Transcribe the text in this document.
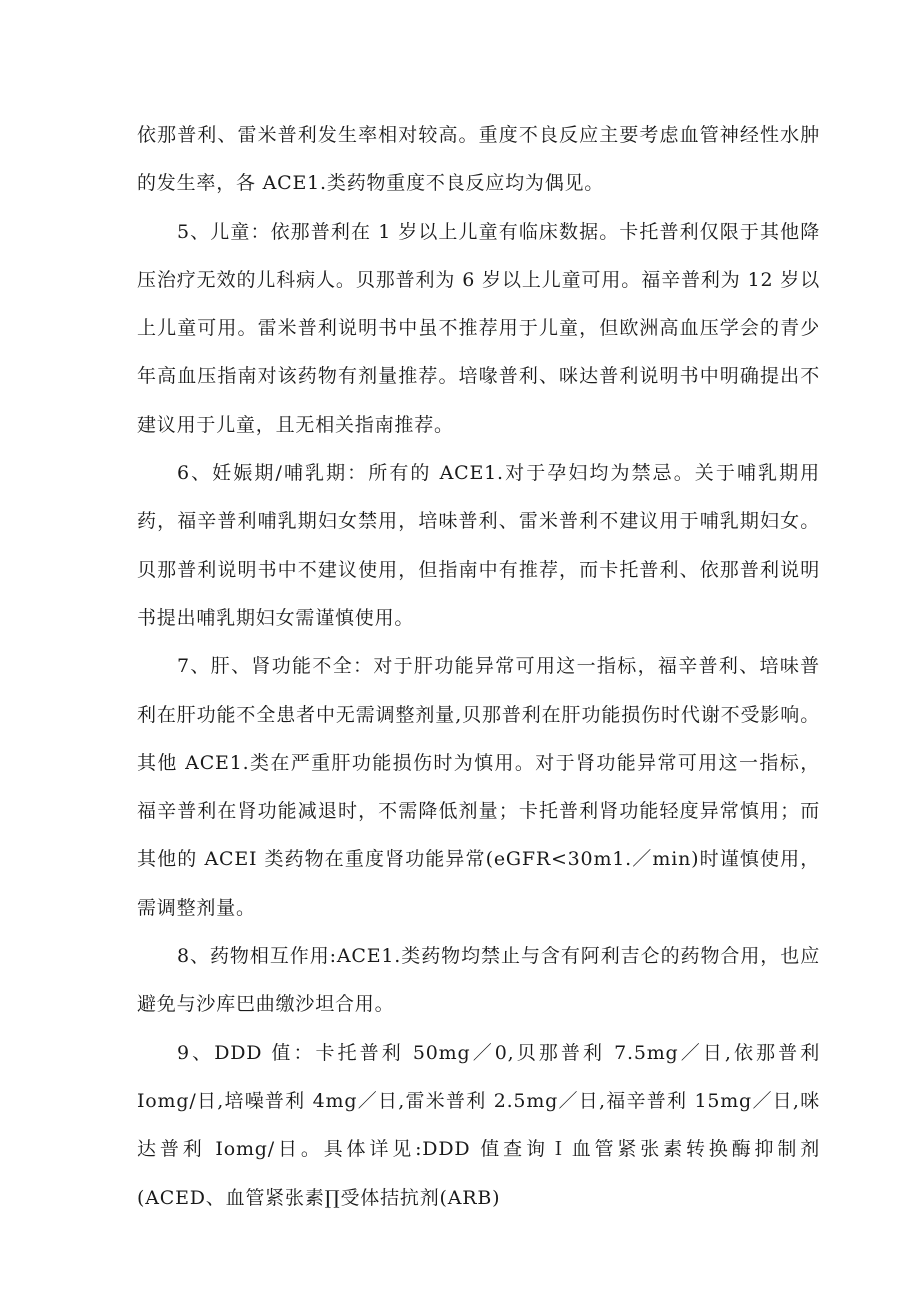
依那普利、雷米普利发生率相对较高。重度不良反应主要考虑血管神经性水肿的发生率，各 ACE1.类药物重度不良反应均为偶见。

5、儿童：依那普利在 1 岁以上儿童有临床数据。卡托普利仅限于其他降压治疗无效的儿科病人。贝那普利为 6 岁以上儿童可用。福辛普利为 12 岁以上儿童可用。雷米普利说明书中虽不推荐用于儿童，但欧洲高血压学会的青少年高血压指南对该药物有剂量推荐。培喙普利、咪达普利说明书中明确提出不建议用于儿童，且无相关指南推荐。

6、妊娠期/哺乳期：所有的 ACE1.对于孕妇均为禁忌。关于哺乳期用药，福辛普利哺乳期妇女禁用，培味普利、雷米普利不建议用于哺乳期妇女。贝那普利说明书中不建议使用，但指南中有推荐，而卡托普利、依那普利说明书提出哺乳期妇女需谨慎使用。

7、肝、肾功能不全：对于肝功能异常可用这一指标，福辛普利、培味普利在肝功能不全患者中无需调整剂量,贝那普利在肝功能损伤时代谢不受影响。其他 ACE1.类在严重肝功能损伤时为慎用。对于肾功能异常可用这一指标，福辛普利在肾功能减退时，不需降低剂量；卡托普利肾功能轻度异常慎用；而其他的 ACEI 类药物在重度肾功能异常(eGFR<30m1.／min)时谨慎使用，需调整剂量。

8、药物相互作用:ACE1.类药物均禁止与含有阿利吉仑的药物合用，也应避免与沙库巴曲缴沙坦合用。

9、DDD 值：卡托普利 50mg／0,贝那普利 7.5mg／日,依那普利 Iomg/日,培噪普利 4mg／日,雷米普利 2.5mg／日,福辛普利 15mg／日,咪达普利 Iomg/日。具体详见:DDD 值查询Ｉ血管紧张素转换酶抑制剂(ACED、血管紧张素∏受体拮抗剂(ARB)
